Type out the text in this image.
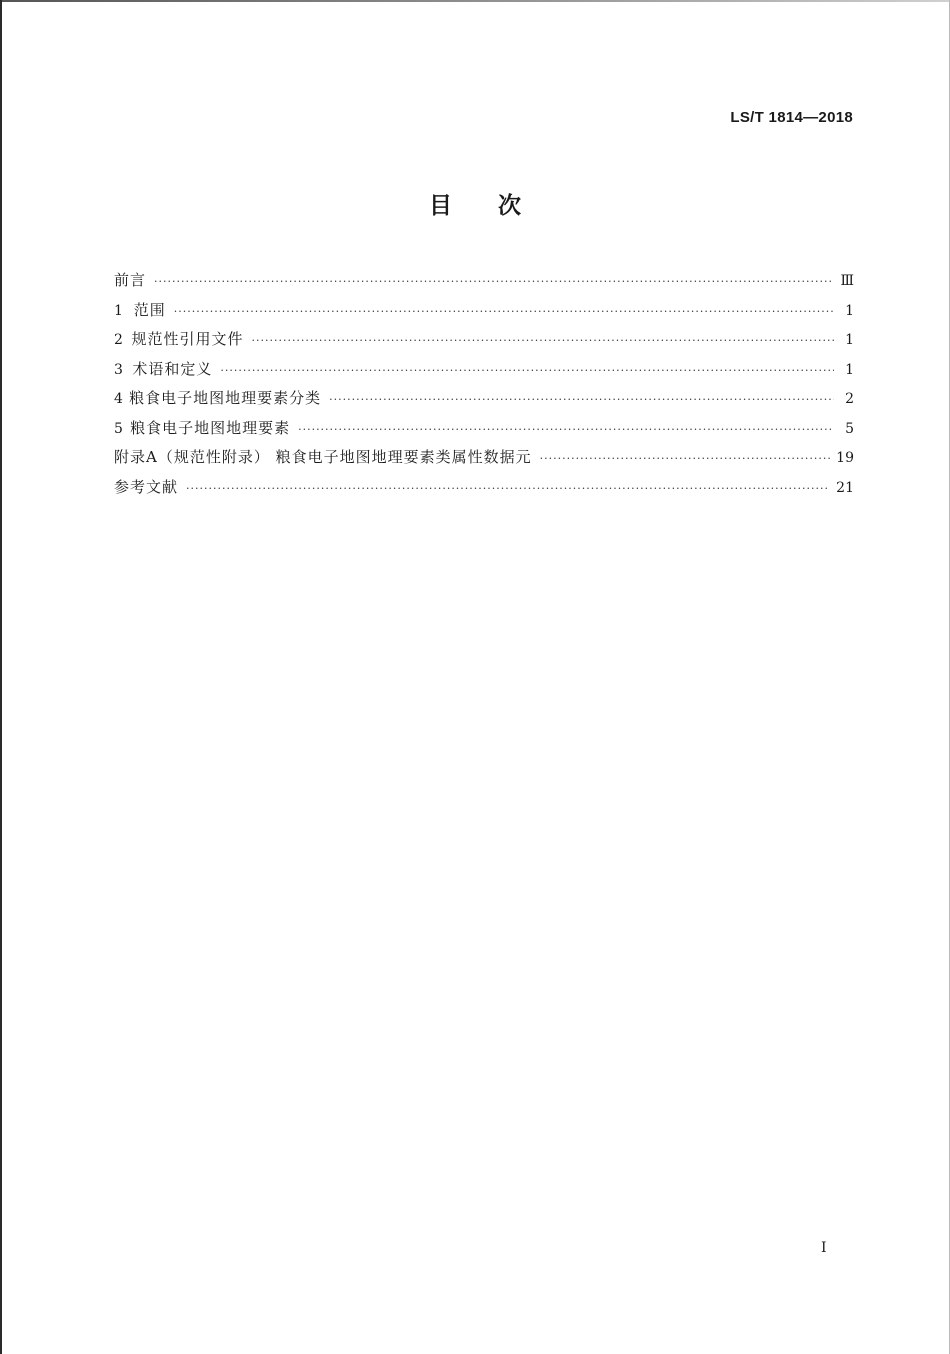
LS/T 1814—2018
目次
前言 ·····	Ⅲ
1 范围 ·····	1
2 规范性引用文件 ·····	1
3 术语和定义 ·····	1
4 粮食电子地图地理要素分类 ·····	2
5 粮食电子地图地理要素 ·····	5
附录A（规范性附录） 粮食电子地图地理要素类属性数据元 ·····	19
参考文献 ·····	21
I
